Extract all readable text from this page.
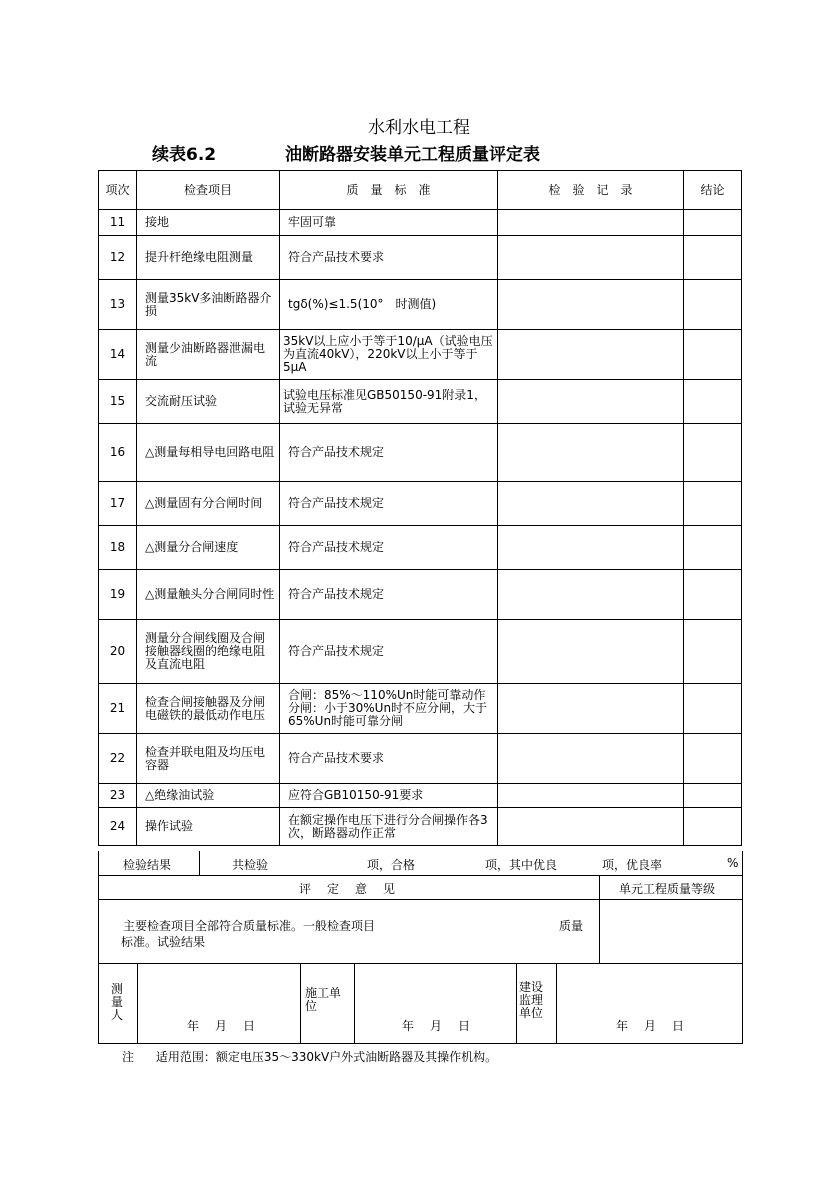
水利水电工程
续表6.2	油断路器安装单元工程质量评定表
项次	检查项目	质　量　标　准	检　验　记　录	结论
11	接地	牢固可靠		
12	提升杆绝缘电阻测量	符合产品技术要求		
13	测量35kV多油断路器介损	tgδ(%)≤1.5(10°　时测值)		
14	测量少油断路器泄漏电流	35kV以上应小于等于10/μA（试验电压为直流40kV），220kV以上小于等于5μA		
15	交流耐压试验	试验电压标准见GB50150-91附录1，试验无异常		
16	△测量每相导电回路电阻	符合产品技术规定		
17	△测量固有分合闸时间	符合产品技术规定		
18	△测量分合闸速度	符合产品技术规定		
19	△测量触头分合闸同时性	符合产品技术规定		
20	测量分合闸线圈及合闸接触器线圈的绝缘电阻及直流电阻	符合产品技术规定		
21	检查合闸接触器及分闸电磁铁的最低动作电压	合闸：85%～110%Un时能可靠动作分闸：小于30%Un时不应分闸，大于65%Un时能可靠分闸		
22	检查并联电阻及均压电容器	符合产品技术要求		
23	△绝缘油试验	应符合GB10150-91要求		
24	操作试验	在额定操作电压下进行分合闸操作各3次，断路器动作正常		
检验结果	共检验	项，合格	项，其中优良	项，优良率	%
评　定　意　见	单元工程质量等级
主要检查项目全部符合质量标准。一般检查项目	质量
标准。试验结果
测量人
年　月　日
施工单位
年　月　日
建设监理单位
年　月　日
注 适用范围：额定电压35～330kV户外式油断路器及其操作机构。
